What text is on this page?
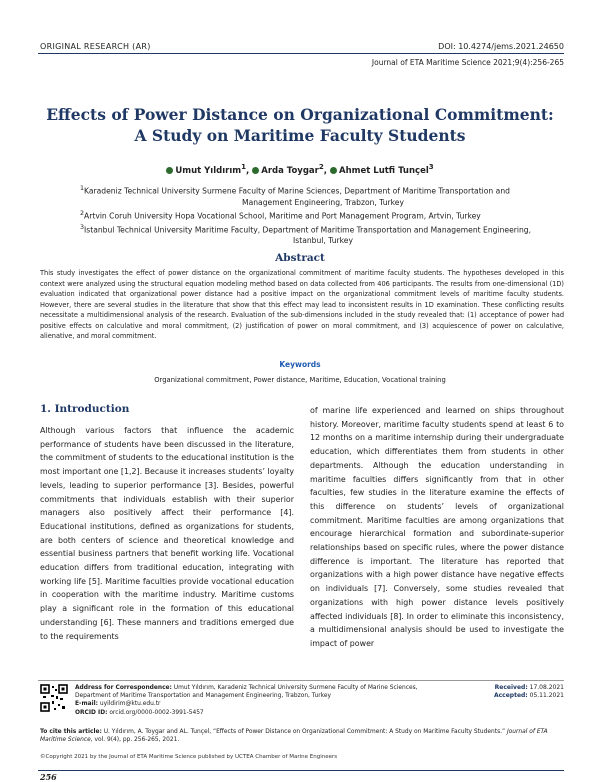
ORIGINAL RESEARCH (AR)	DOI: 10.4274/jems.2021.24650
Journal of ETA Maritime Science 2021;9(4):256-265
Effects of Power Distance on Organizational Commitment:
A Study on Maritime Faculty Students
Umut Yıldırım$^1$, Arda Toygar$^2$, Ahmet Lutfi Tunçel$^3$
$^1$Karadeniz Technical University Surmene Faculty of Marine Sciences, Department of Maritime Transportation and
Management Engineering, Trabzon, Turkey
$^2$Artvin Coruh University Hopa Vocational School, Maritime and Port Management Program, Artvin, Turkey
$^3$Istanbul Technical University Maritime Faculty, Department of Maritime Transportation and Management Engineering,
Istanbul, Turkey
Abstract
This study investigates the effect of power distance on the organizational commitment of maritime faculty students. The hypotheses developed in this context were analyzed using the structural equation modeling method based on data collected from 406 participants. The results from one-dimensional (1D) evaluation indicated that organizational power distance had a positive impact on the organizational commitment levels of maritime faculty students. However, there are several studies in the literature that show that this effect may lead to inconsistent results in 1D examination. These conflicting results necessitate a multidimensional analysis of the research. Evaluation of the sub-dimensions included in the study revealed that: (1) acceptance of power had positive effects on calculative and moral commitment, (2) justification of power on moral commitment, and (3) acquiescence of power on calculative, alienative, and moral commitment.
Keywords
Organizational commitment, Power distance, Maritime, Education, Vocational training
1. Introduction
Although various factors that influence the academic performance of students have been discussed in the literature, the commitment of students to the educational institution is the most important one [1,2]. Because it increases students’ loyalty levels, leading to superior performance [3]. Besides, powerful commitments that individuals establish with their superior managers also positively affect their performance [4]. Educational institutions, defined as organizations for students, are both centers of science and theoretical knowledge and essential business partners that benefit working life. Vocational education differs from traditional education, integrating with working life [5]. Maritime faculties provide vocational education in cooperation with the maritime industry. Maritime customs play a significant role in the formation of this educational understanding [6]. These manners and traditions emerged due to the requirements
of marine life experienced and learned on ships throughout history. Moreover, maritime faculty students spend at least 6 to 12 months on a maritime internship during their undergraduate education, which differentiates them from students in other departments. Although the education understanding in maritime faculties differs significantly from that in other faculties, few studies in the literature examine the effects of this difference on students’ levels of organizational commitment. Maritime faculties are among organizations that encourage hierarchical formation and subordinate-superior relationships based on specific rules, where the power distance difference is important. The literature has reported that organizations with a high power distance have negative effects on individuals [7]. Conversely, some studies revealed that organizations with high power distance levels positively affected individuals [8]. In order to eliminate this inconsistency, a multidimensional analysis should be used to investigate the impact of power
Address for Correspondence: Umut Yıldırım, Karadeniz Technical University Surmene Faculty of Marine Sciences, Department of Maritime Transportation and Management Engineering, Trabzon, Turkey
E-mail: uyildirim@ktu.edu.tr
ORCID ID: orcid.org/0000-0002-3991-5457
Received: 17.08.2021
Accepted: 05.11.2021
To cite this article: U. Yıldırım, A. Toygar and AL. Tunçel, “Effects of Power Distance on Organizational Commitment: A Study on Maritime Faculty Students.” Journal of ETA Maritime Science, vol. 9(4), pp. 256-265, 2021.
©Copyright 2021 by the Journal of ETA Maritime Science published by UCTEA Chamber of Marine Engineers
256
